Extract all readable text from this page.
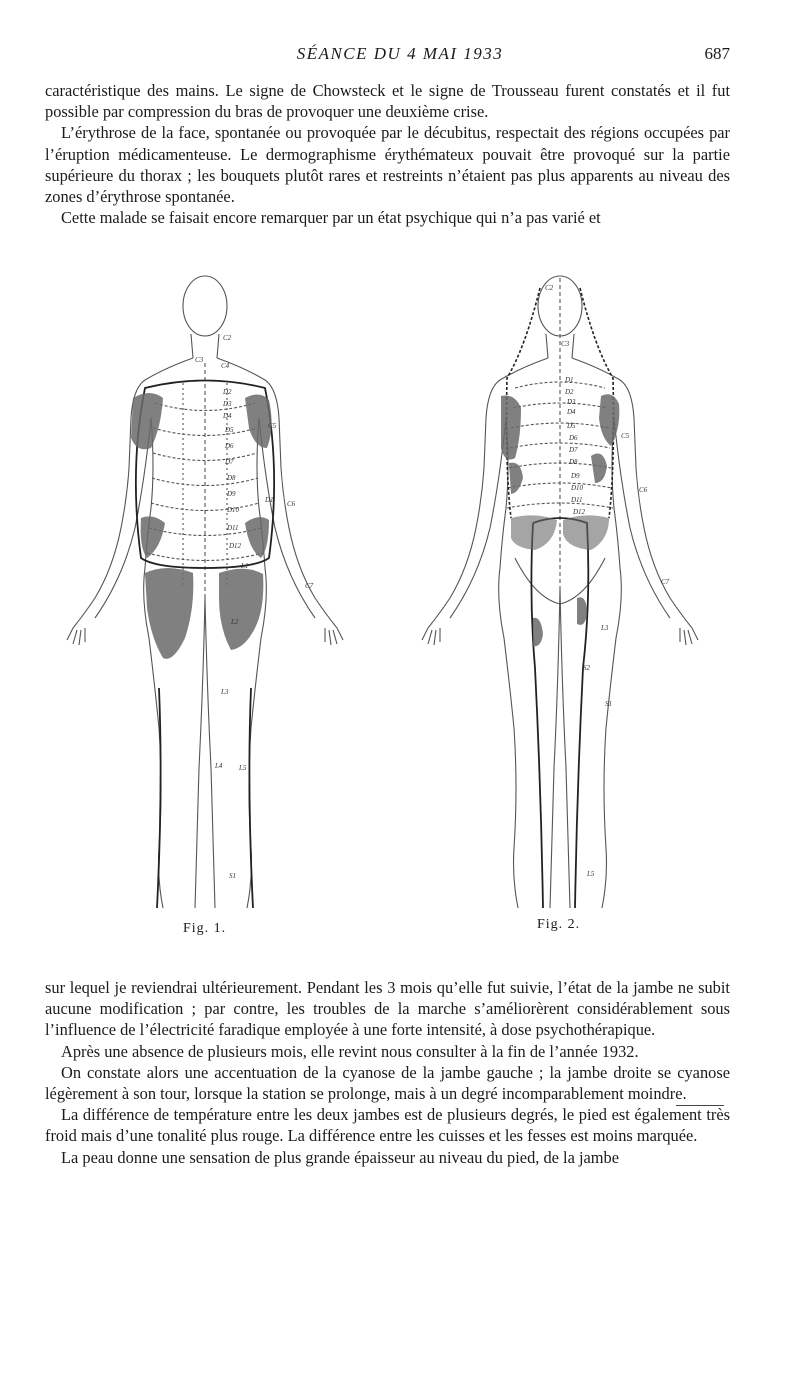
SÉANCE DU 4 MAI 1933	687

caractéristique des mains. Le signe de Chowsteck et le signe de Trousseau furent constatés et il fut possible par compression du bras de provoquer une deuxième crise.

L’érythrose de la face, spontanée ou provoquée par le décubitus, respectait des régions occupées par l’éruption médicamenteuse. Le dermographisme érythémateux pouvait être provoqué sur la partie supérieure du thorax ; les bouquets plutôt rares et restreints n’étaient pas plus apparents au niveau des zones d’érythrose spontanée.

Cette malade se faisait encore remarquer par un état psychique qui n’a pas varié et

C2
C3
C4
D2
D3
D4
D5
D6
D7
D8
D9
D10
D11
D12
C5
C6
C7
D1
L1
L2
L3
L4 L5
S1
C2
C3
D1
D2
D3
D4
D5
D6
D7
D8
D9
D10
D11
D12
C5
C6
C7
L3
S2
S1
L5
Fig. 1.	Fig. 2.

sur lequel je reviendrai ultérieurement. Pendant les 3 mois qu’elle fut suivie, l’état de la jambe ne subit aucune modification ; par contre, les troubles de la marche s’améliorèrent considérablement sous l’influence de l’électricité faradique employée à une forte intensité, à dose psychothérapique.

Après une absence de plusieurs mois, elle revint nous consulter à la fin de l’année 1932.

On constate alors une accentuation de la cyanose de la jambe gauche ; la jambe droite se cyanose légèrement à son tour, lorsque la station se prolonge, mais à un degré incomparablement moindre.

La différence de température entre les deux jambes est de plusieurs degrés, le pied est également très froid mais d’une tonalité plus rouge. La différence entre les cuisses et les fesses est moins marquée.

La peau donne une sensation de plus grande épaisseur au niveau du pied, de la jambe
